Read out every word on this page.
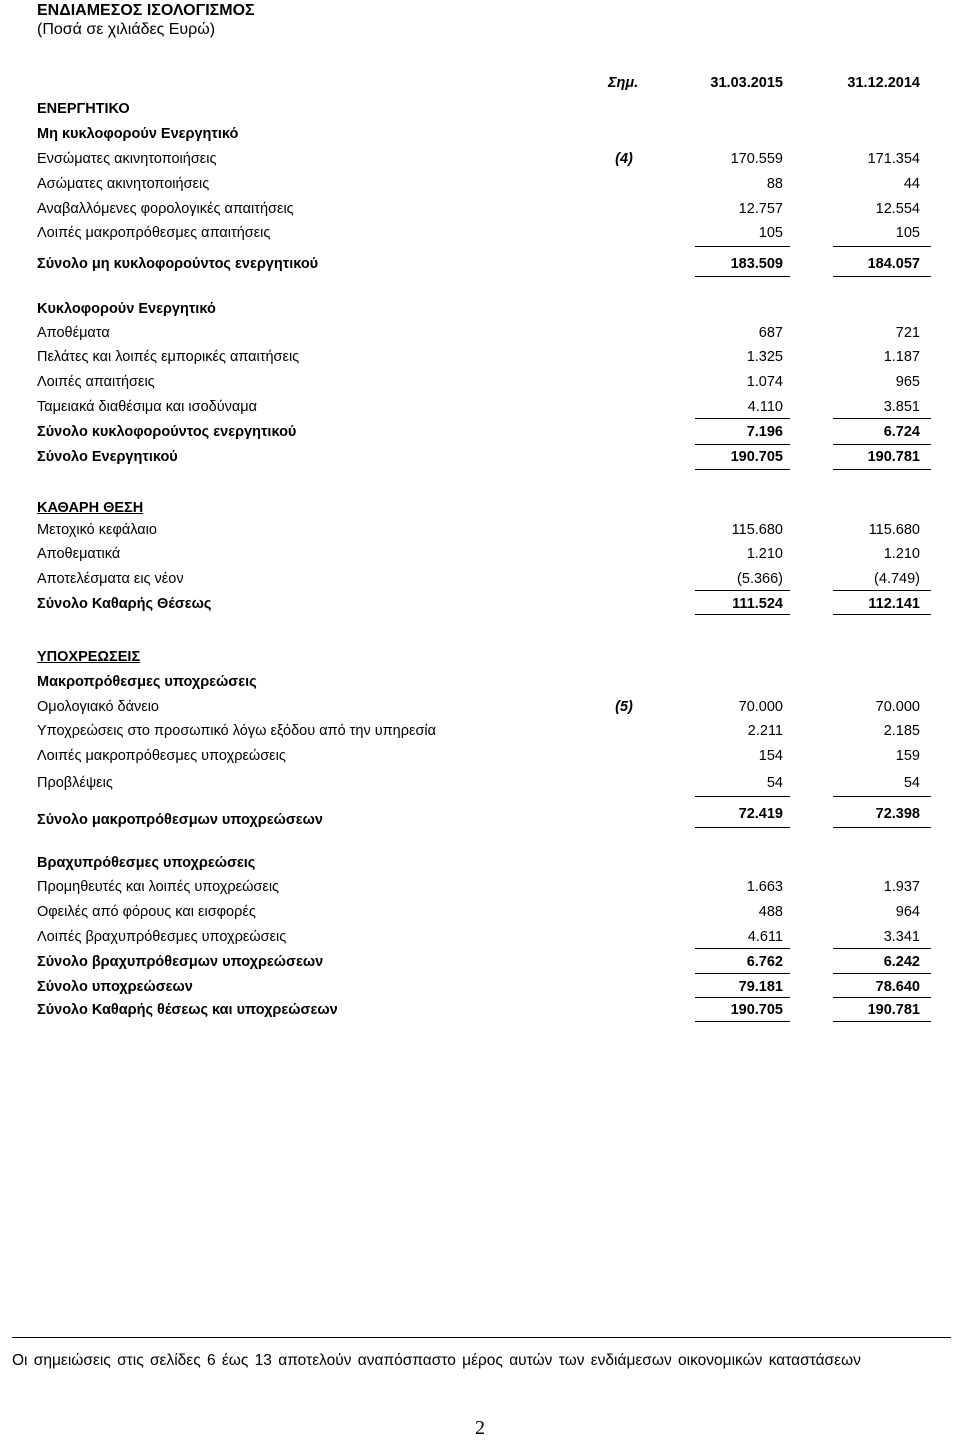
ΕΝΔΙΑΜΕΣΟΣ ΙΣΟΛΟΓΙΣΜΟΣ
(Ποσά σε χιλιάδες Ευρώ)
Σημ.	31.03.2015	31.12.2014
ΕΝΕΡΓΗΤΙΚΟ
Μη κυκλοφορούν Ενεργητικό
Ενσώματες ακινητοποιήσεις	(4)	170.559	171.354
Ασώματες ακινητοποιήσεις	88	44
Αναβαλλόμενες φορολογικές απαιτήσεις	12.757	12.554
Λοιπές μακροπρόθεσμες απαιτήσεις	105	105
Σύνολο μη κυκλοφορούντος ενεργητικού	183.509	184.057
Κυκλοφορούν Ενεργητικό
Αποθέματα	687	721
Πελάτες και λοιπές εμπορικές απαιτήσεις	1.325	1.187
Λοιπές απαιτήσεις	1.074	965
Ταμειακά διαθέσιμα και ισοδύναμα	4.110	3.851
Σύνολο κυκλοφορούντος ενεργητικού	7.196	6.724
Σύνολο Ενεργητικού	190.705	190.781
ΚΑΘΑΡΗ ΘΕΣΗ
Μετοχικό κεφάλαιο	115.680	115.680
Αποθεματικά	1.210	1.210
Αποτελέσματα εις νέον	(5.366)	(4.749)
Σύνολο Καθαρής Θέσεως	111.524	112.141
ΥΠΟΧΡΕΩΣΕΙΣ
Μακροπρόθεσμες υποχρεώσεις
Ομολογιακό δάνειο	(5)	70.000	70.000
Υποχρεώσεις στο προσωπικό λόγω εξόδου από την υπηρεσία	2.211	2.185
Λοιπές μακροπρόθεσμες υποχρεώσεις	154	159
Προβλέψεις	54	54
Σύνολο μακροπρόθεσμων υποχρεώσεων	72.419	72.398
Βραχυπρόθεσμες υποχρεώσεις
Προμηθευτές και λοιπές υποχρεώσεις	1.663	1.937
Οφειλές από φόρους και εισφορές	488	964
Λοιπές βραχυπρόθεσμες υποχρεώσεις	4.611	3.341
Σύνολο βραχυπρόθεσμων υποχρεώσεων	6.762	6.242
Σύνολο υποχρεώσεων	79.181	78.640
Σύνολο Καθαρής θέσεως και υποχρεώσεων	190.705	190.781
Οι σημειώσεις στις σελίδες 6 έως 13 αποτελούν αναπόσπαστο μέρος αυτών των ενδιάμεσων οικονομικών καταστάσεων
2
